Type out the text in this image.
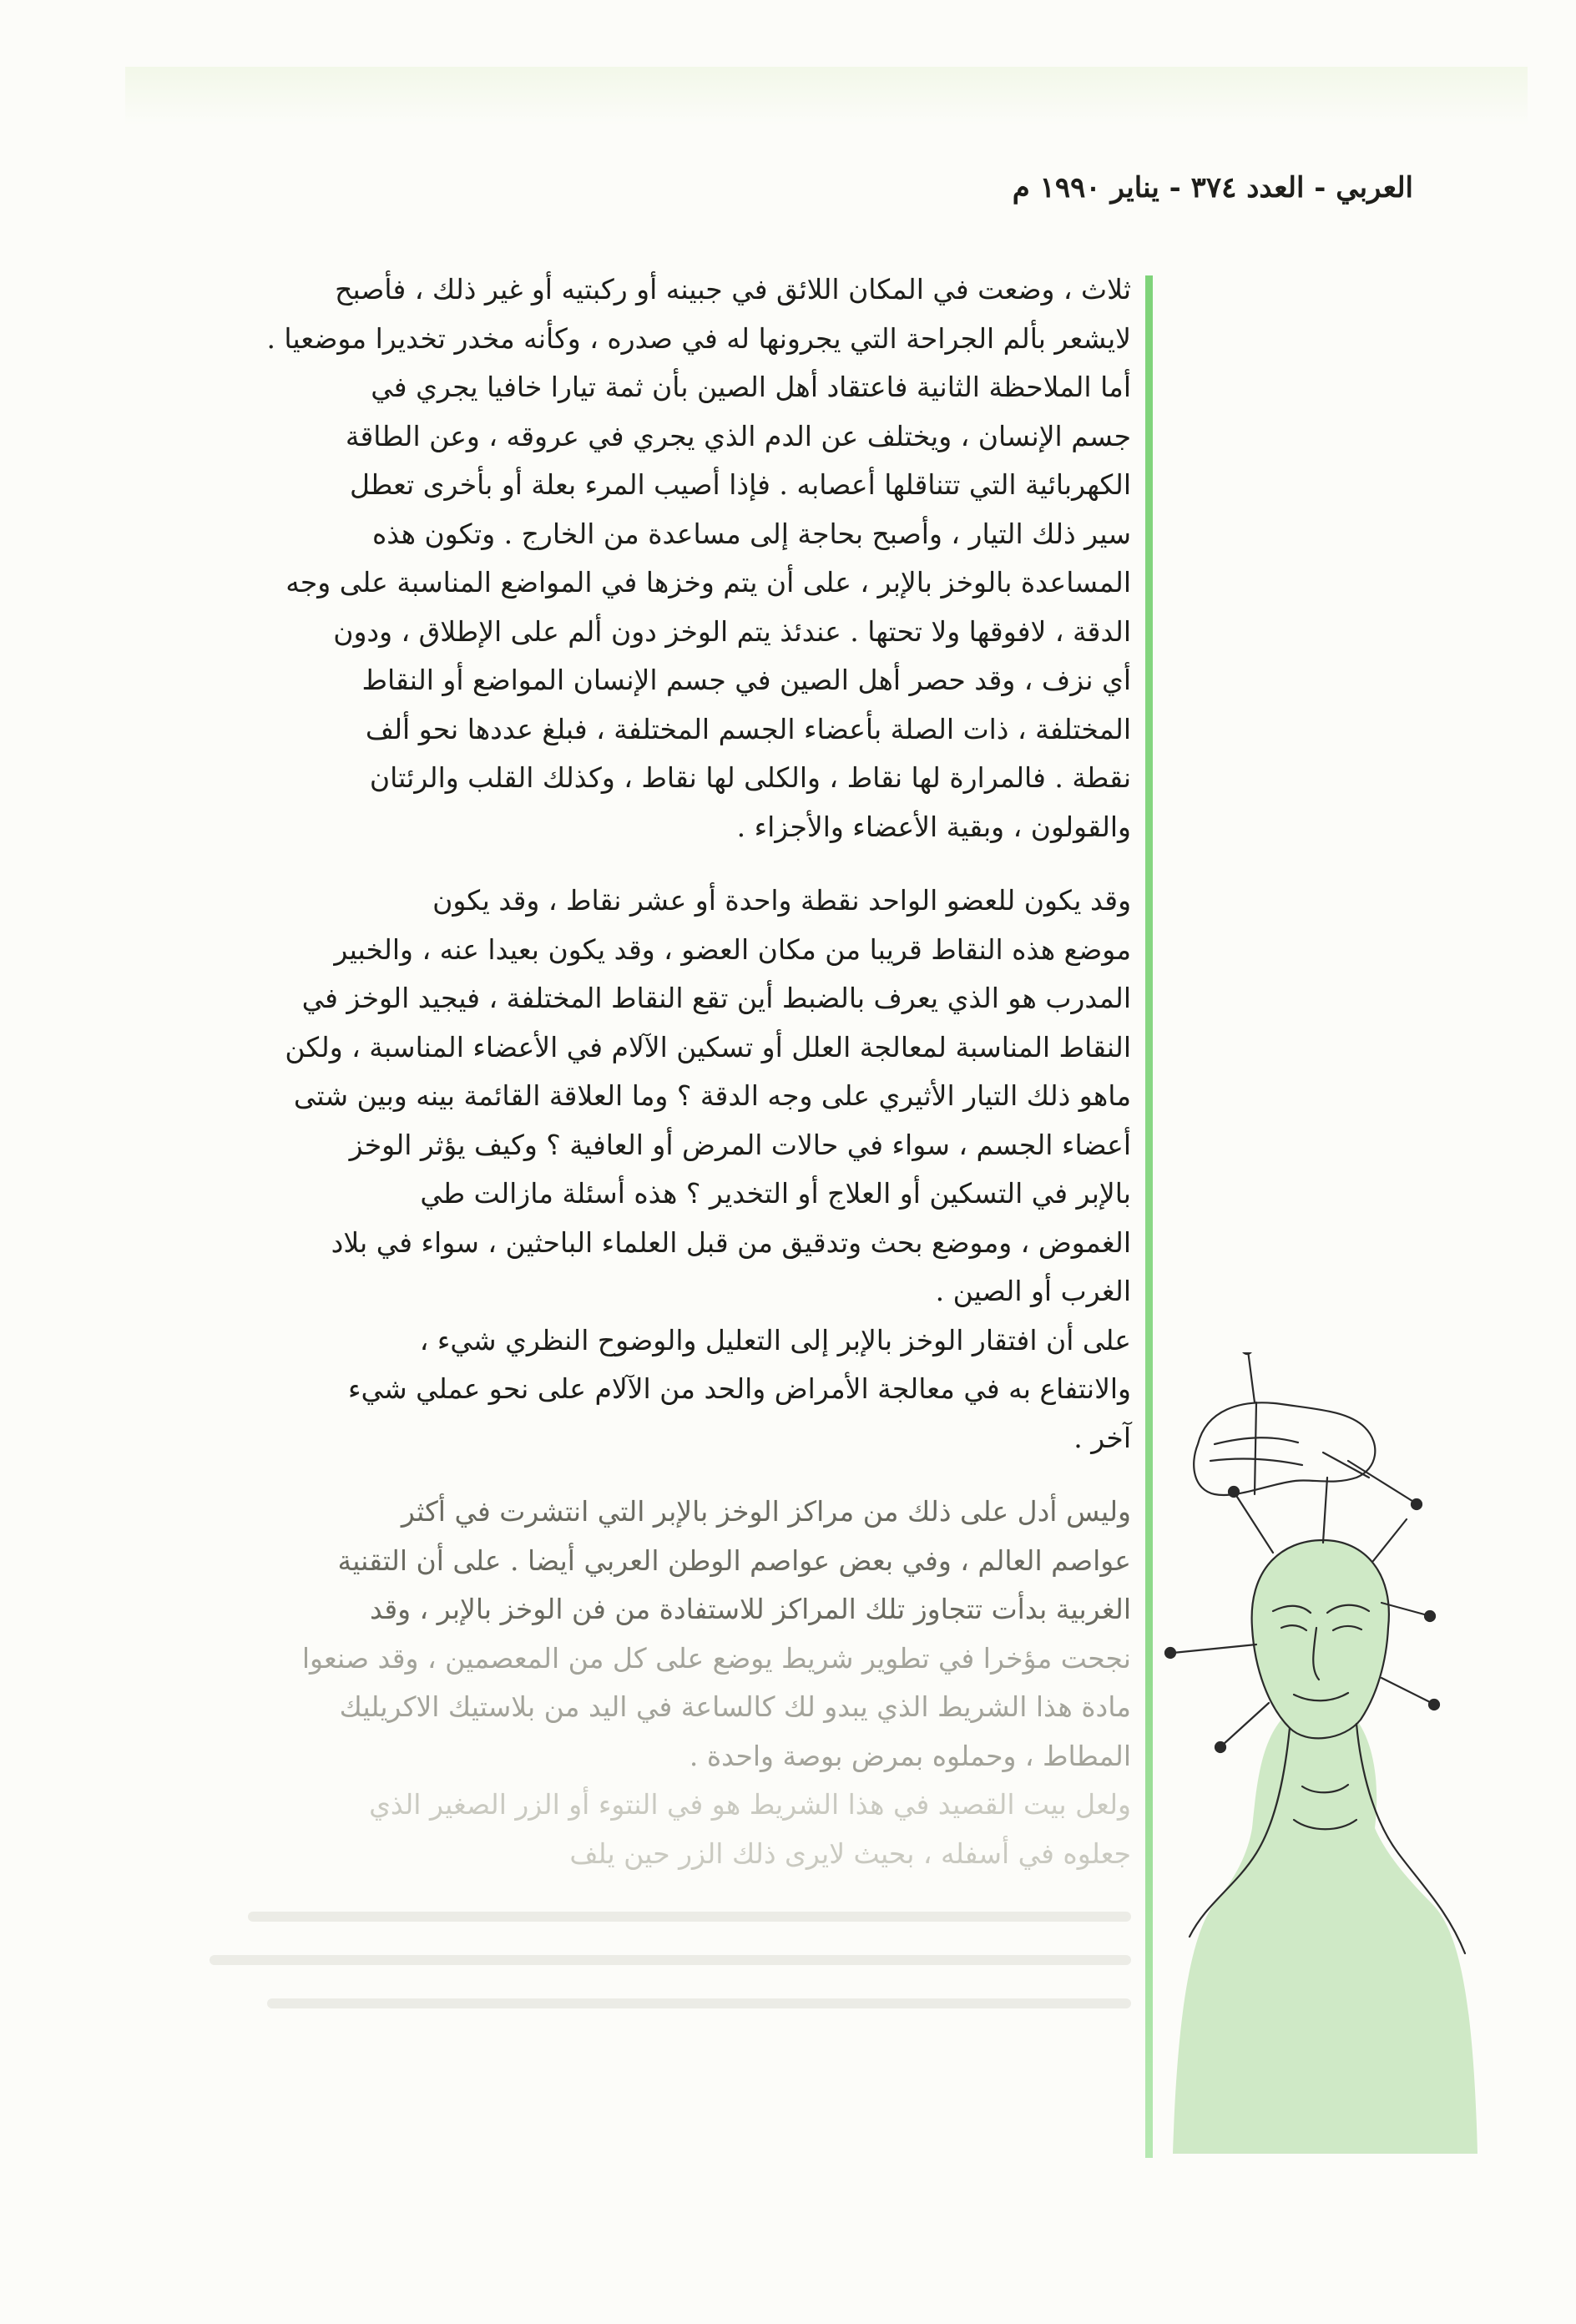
العربي - العدد ٣٧٤ - يناير ١٩٩٠ م
ثلاث ، وضعت في المكان اللائق في جبينه أو ركبتيه أو غير ذلك ، فأصبح
لايشعر بألم الجراحة التي يجرونها له في صدره ، وكأنه مخدر تخديرا موضعيا .
أما الملاحظة الثانية فاعتقاد أهل الصين بأن ثمة تيارا خافيا يجري في
جسم الإنسان ، ويختلف عن الدم الذي يجري في عروقه ، وعن الطاقة
الكهربائية التي تتناقلها أعصابه . فإذا أصيب المرء بعلة أو بأخرى تعطل
سير ذلك التيار ، وأصبح بحاجة إلى مساعدة من الخارج . وتكون هذه
المساعدة بالوخز بالإبر ، على أن يتم وخزها في المواضع المناسبة على وجه
الدقة ، لافوقها ولا تحتها . عندئذ يتم الوخز دون ألم على الإطلاق ، ودون
أي نزف ، وقد حصر أهل الصين في جسم الإنسان المواضع أو النقاط
المختلفة ، ذات الصلة بأعضاء الجسم المختلفة ، فبلغ عددها نحو ألف
نقطة . فالمرارة لها نقاط ، والكلى لها نقاط ، وكذلك القلب والرئتان
والقولون ، وبقية الأعضاء والأجزاء .
وقد يكون للعضو الواحد نقطة واحدة أو عشر نقاط ، وقد يكون
موضع هذه النقاط قريبا من مكان العضو ، وقد يكون بعيدا عنه ، والخبير
المدرب هو الذي يعرف بالضبط أين تقع النقاط المختلفة ، فيجيد الوخز في
النقاط المناسبة لمعالجة العلل أو تسكين الآلام في الأعضاء المناسبة ، ولكن
ماهو ذلك التيار الأثيري على وجه الدقة ؟ وما العلاقة القائمة بينه وبين شتى
أعضاء الجسم ، سواء في حالات المرض أو العافية ؟ وكيف يؤثر الوخز
بالإبر في التسكين أو العلاج أو التخدير ؟ هذه أسئلة مازالت طي
الغموض ، وموضع بحث وتدقيق من قبل العلماء الباحثين ، سواء في بلاد
الغرب أو الصين .
على أن افتقار الوخز بالإبر إلى التعليل والوضوح النظري شيء ،
والانتفاع به في معالجة الأمراض والحد من الآلام على نحو عملي شيء
آخر .
وليس أدل على ذلك من مراكز الوخز بالإبر التي انتشرت في أكثر
عواصم العالم ، وفي بعض عواصم الوطن العربي أيضا . على أن التقنية
الغربية بدأت تتجاوز تلك المراكز للاستفادة من فن الوخز بالإبر ، وقد
نجحت مؤخرا في تطوير شريط يوضع على كل من المعصمين ، وقد صنعوا
مادة هذا الشريط الذي يبدو لك كالساعة في اليد من بلاستيك الاكريليك
المطاط ، وحملوه بمرض بوصة واحدة .
ولعل بيت القصيد في هذا الشريط هو في النتوء أو الزر الصغير الذي
جعلوه في أسفله ، بحيث لايرى ذلك الزر حين يلف
